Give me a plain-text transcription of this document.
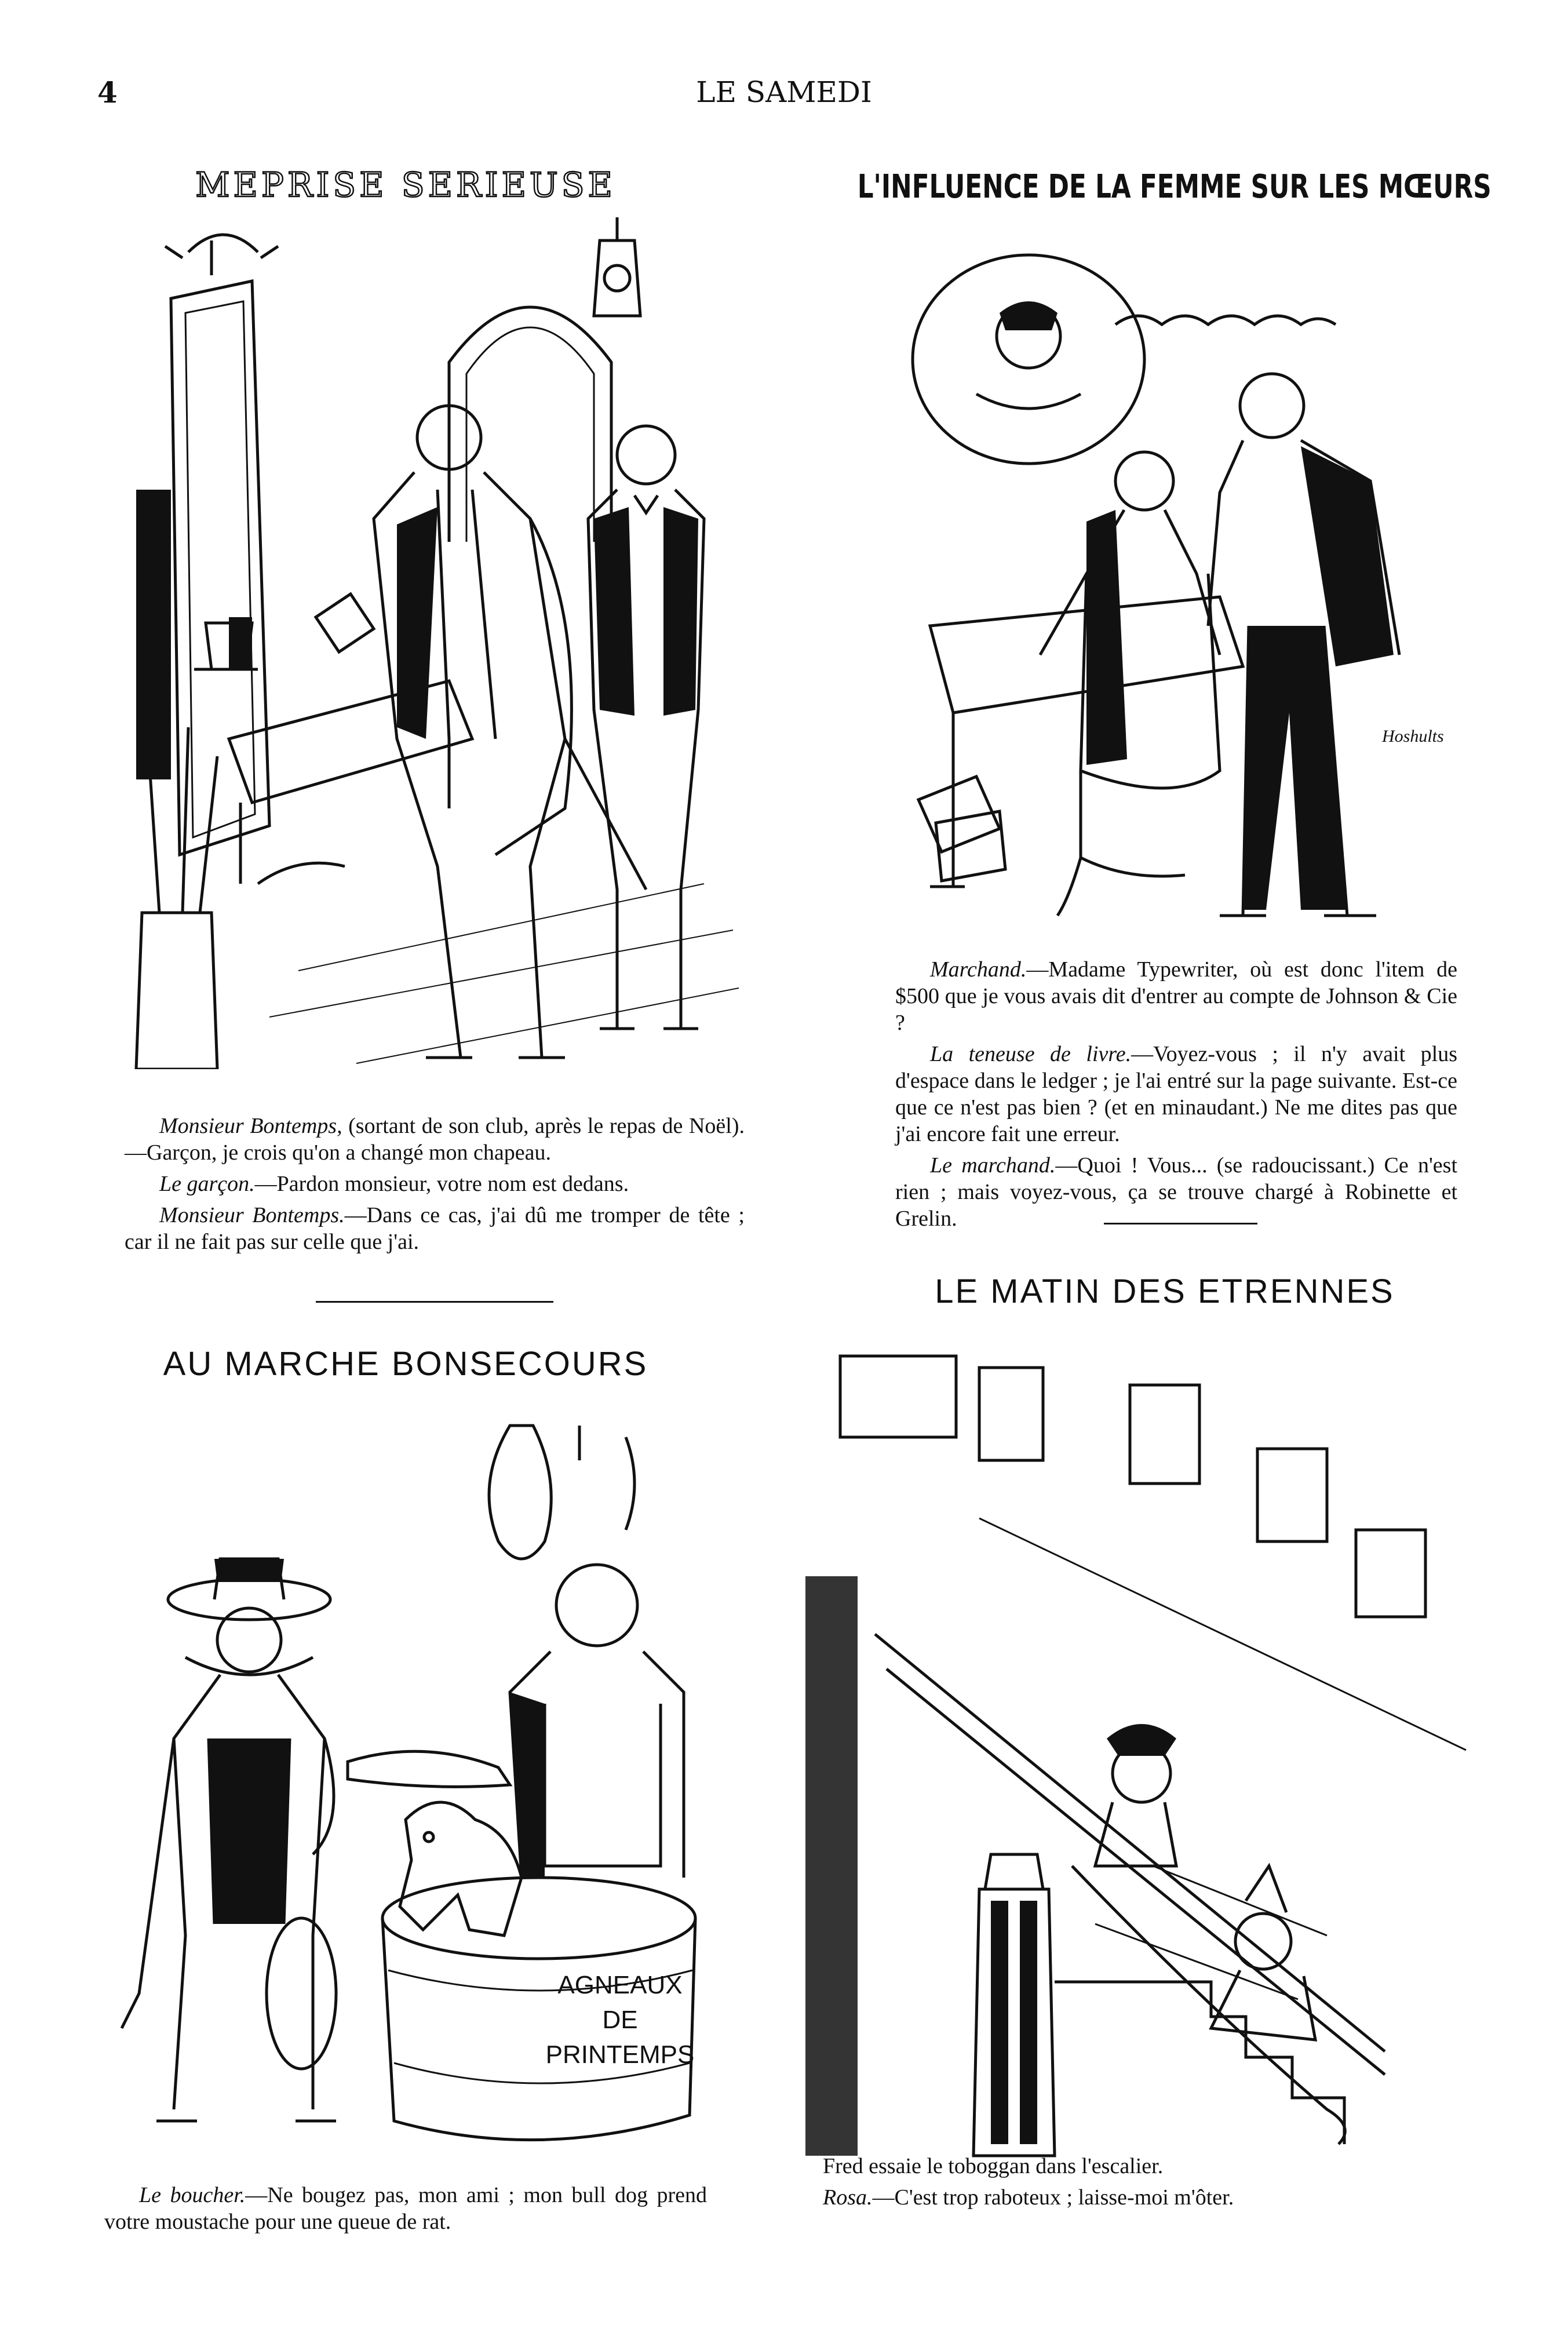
4	LE SAMEDI
MEPRISE SERIEUSE

Monsieur Bontemps, (sortant de son club, après le repas de Noël).—Garçon, je crois qu'on a changé mon chapeau.

Le garçon.—Pardon monsieur, votre nom est dedans.

Monsieur Bontemps.—Dans ce cas, j'ai dû me tromper de tête ; car il ne fait pas sur celle que j'ai.

L'INFLUENCE DE LA FEMME SUR LES MŒURS
Hoshults

Marchand.—Madame Typewriter, où est donc l'item de $500 que je vous avais dit d'entrer au compte de Johnson & Cie ?

La teneuse de livre.—Voyez-vous ; il n'y avait plus d'espace dans le ledger ; je l'ai entré sur la page suivante. Est-ce que ce n'est pas bien ? (et en minaudant.) Ne me dites pas que j'ai encore fait une erreur.

Le marchand.—Quoi ! Vous... (se radoucissant.) Ce n'est rien ; mais voyez-vous, ça se trouve chargé à Robinette et Grelin.

AU MARCHE BONSECOURS
AGNEAUX
DE
PRINTEMPS

Le boucher.—Ne bougez pas, mon ami ; mon bull dog prend votre moustache pour une queue de rat.

LE MATIN DES ETRENNES

Fred essaie le toboggan dans l'escalier.

Rosa.—C'est trop raboteux ; laisse-moi m'ôter.
